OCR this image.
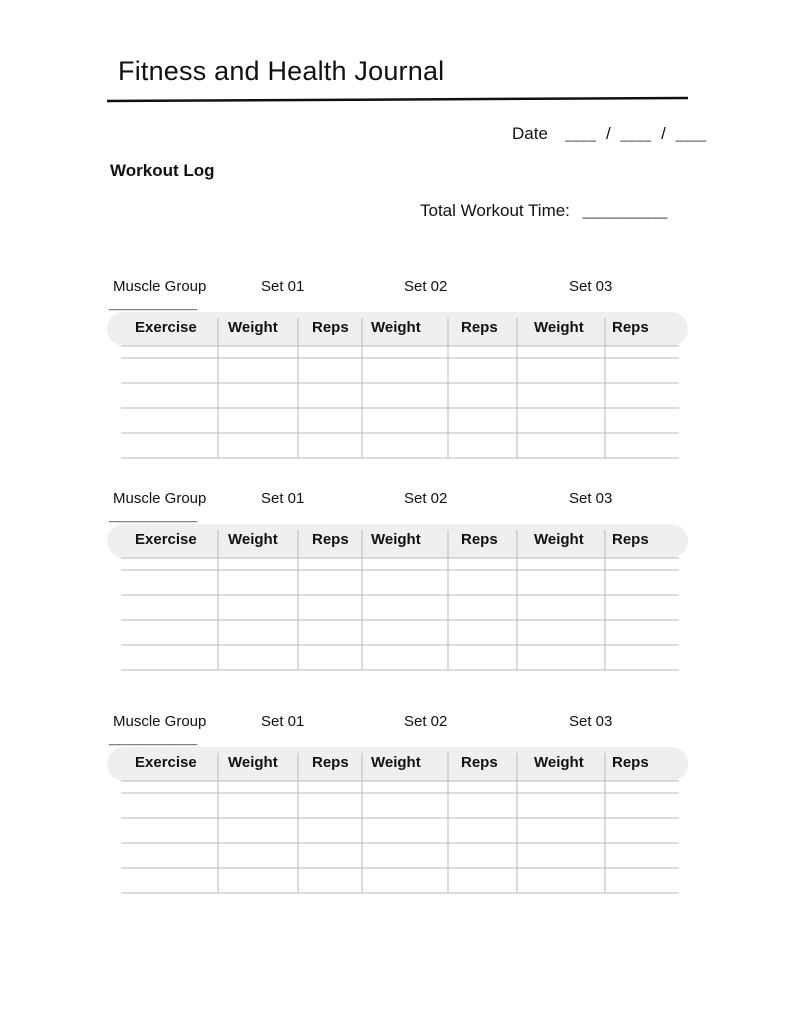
Fitness and Health Journal
Date ____ / ____ / ____
Workout Log
Total Workout Time: ___________
Muscle Group
______________
Set 01	Set 02	Set 03
Exercise Weight Reps Weight	Reps Weight Reps
Muscle Group
______________
Set 01	Set 02	Set 03
Exercise Weight Reps Weight	Reps Weight Reps
Muscle Group
______________
Set 01	Set 02	Set 03
Exercise Weight Reps Weight	Reps Weight Reps
